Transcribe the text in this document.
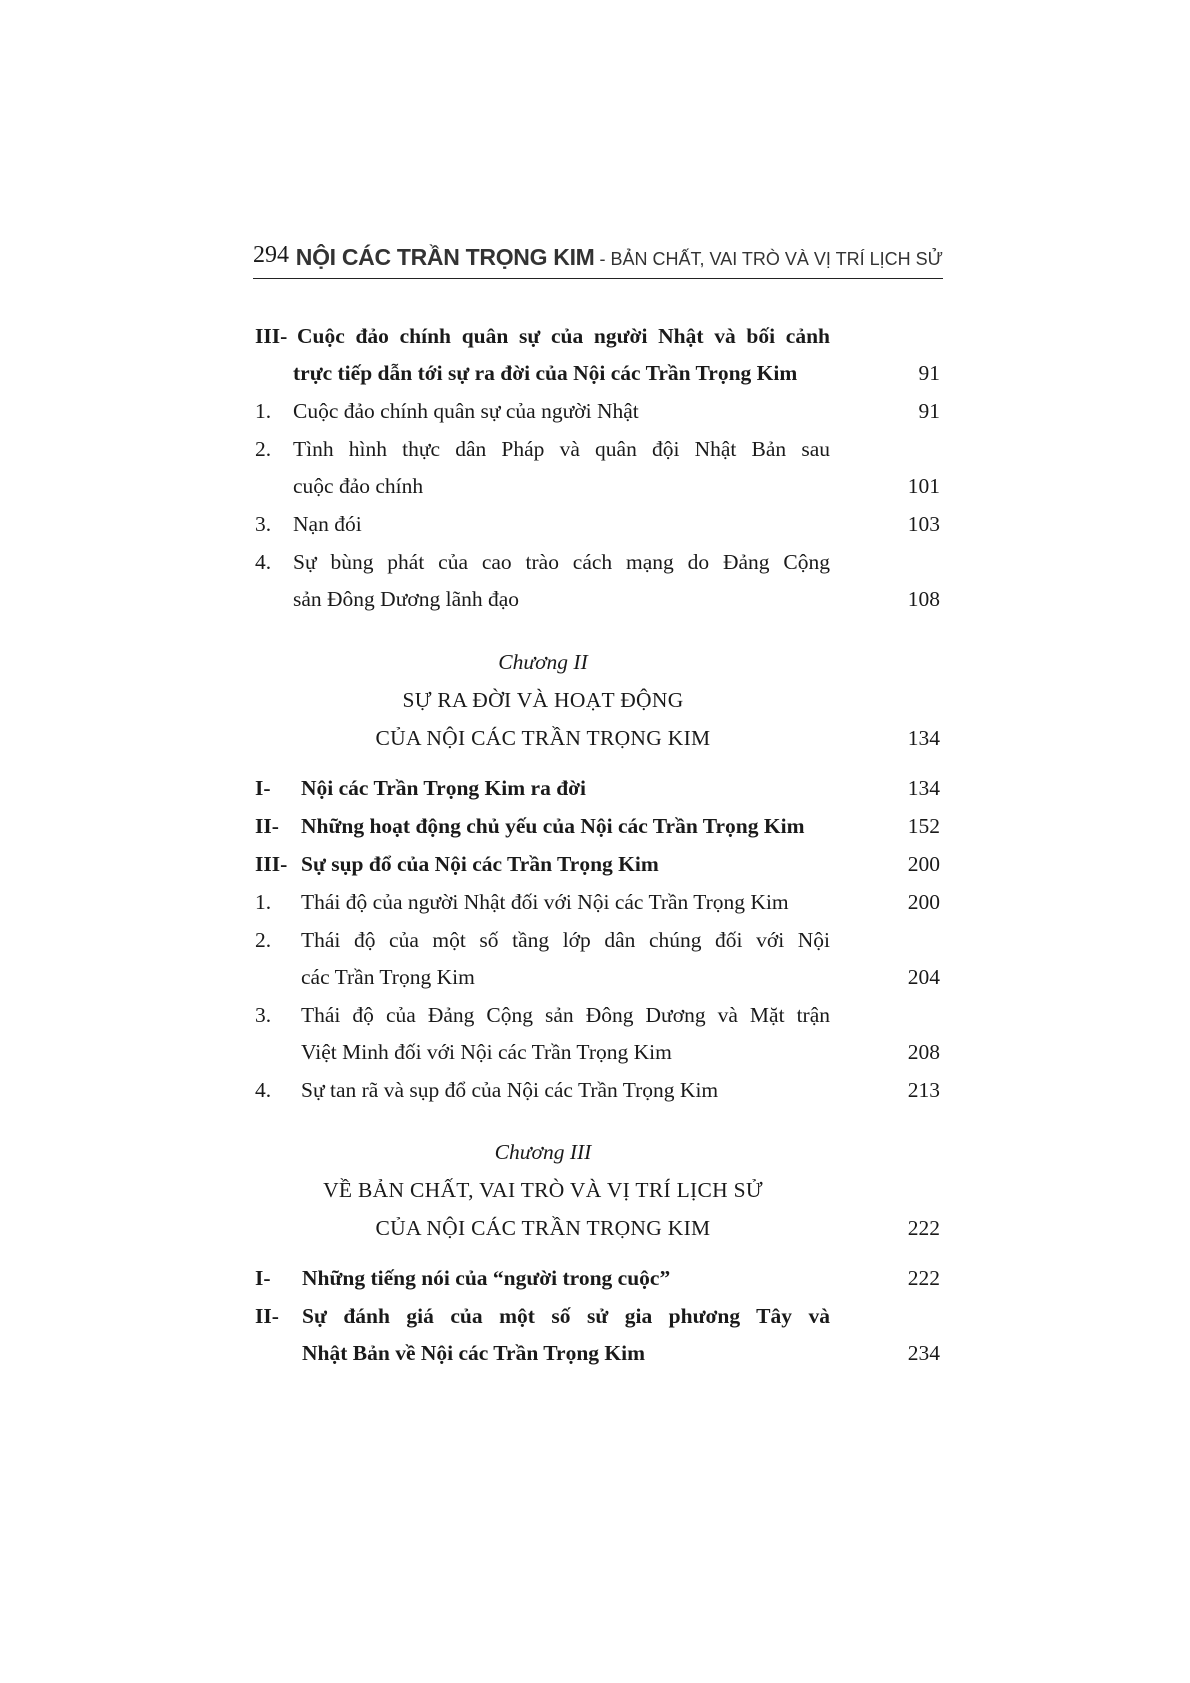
294 NỘI CÁC TRẦN TRỌNG KIM - BẢN CHẤT, VAI TRÒ VÀ VỊ TRÍ LỊCH SỬ
III- Cuộc đảo chính quân sự của người Nhật và bối cảnh
trực tiếp dẫn tới sự ra đời của Nội các Trần Trọng Kim	91
1. Cuộc đảo chính quân sự của người Nhật	91
2. Tình hình thực dân Pháp và quân đội Nhật Bản sau
cuộc đảo chính	101
3. Nạn đói	103
4. Sự bùng phát của cao trào cách mạng do Đảng Cộng
sản Đông Dương lãnh đạo	108
Chương II
SỰ RA ĐỜI VÀ HOẠT ĐỘNG
CỦA NỘI CÁC TRẦN TRỌNG KIM	134
I- Nội các Trần Trọng Kim ra đời	134
II- Những hoạt động chủ yếu của Nội các Trần Trọng Kim	152
III- Sự sụp đổ của Nội các Trần Trọng Kim	200
1. Thái độ của người Nhật đối với Nội các Trần Trọng Kim	200
2. Thái độ của một số tầng lớp dân chúng đối với Nội
các Trần Trọng Kim	204
3. Thái độ của Đảng Cộng sản Đông Dương và Mặt trận
Việt Minh đối với Nội các Trần Trọng Kim	208
4. Sự tan rã và sụp đổ của Nội các Trần Trọng Kim	213
Chương III
VỀ BẢN CHẤT, VAI TRÒ VÀ VỊ TRÍ LỊCH SỬ
CỦA NỘI CÁC TRẦN TRỌNG KIM	222
I- Những tiếng nói của “người trong cuộc”	222
II- Sự đánh giá của một số sử gia phương Tây và
Nhật Bản về Nội các Trần Trọng Kim	234
